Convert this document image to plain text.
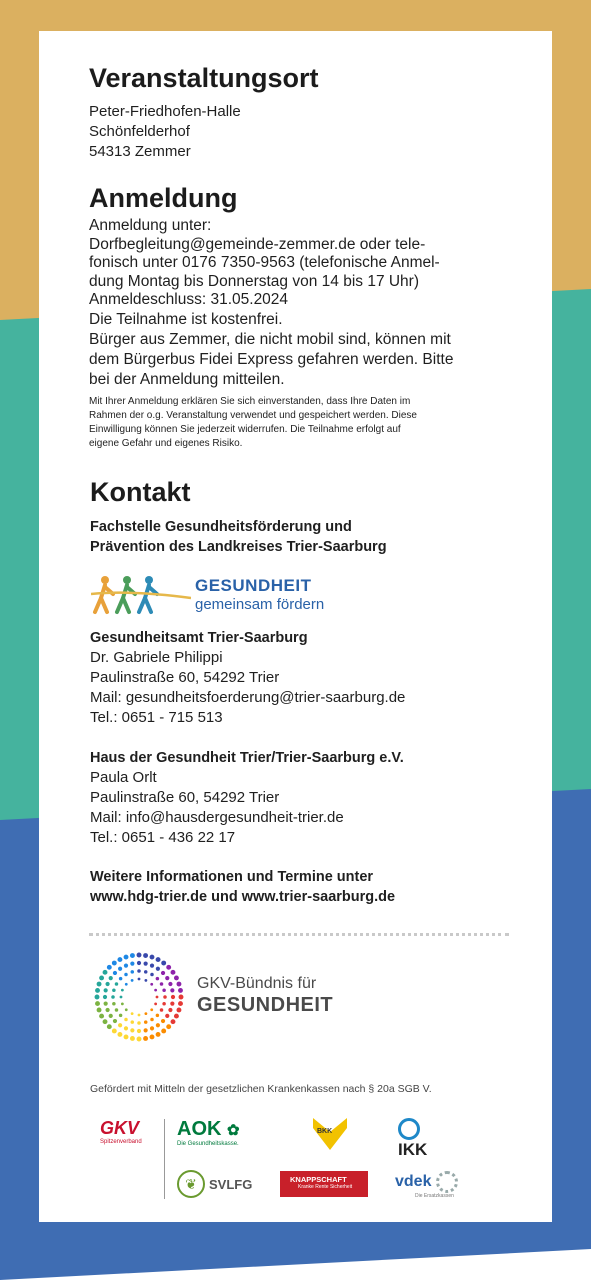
Veranstaltungsort
Peter-Friedhofen-Halle
Schönfelderhof
54313 Zemmer
Anmeldung
Anmeldung unter:
Dorfbegleitung@gemeinde-zemmer.de oder tele-
fonisch unter 0176 7350-9563 (telefonische Anmel-
dung Montag bis Donnerstag von 14 bis 17 Uhr)
Anmeldeschluss: 31.05.2024
Die Teilnahme ist kostenfrei.
Bürger aus Zemmer, die nicht mobil sind, können mit
dem Bürgerbus Fidei Express gefahren werden. Bitte
bei der Anmeldung mitteilen.
Mit Ihrer Anmeldung erklären Sie sich einverstanden, dass Ihre Daten im
Rahmen der o.g. Veranstaltung verwendet und gespeichert werden. Diese
Einwilligung können Sie jederzeit widerrufen. Die Teilnahme erfolgt auf
eigene Gefahr und eigenes Risiko.
Kontakt
Fachstelle Gesundheitsförderung und
Prävention des Landkreises Trier-Saarburg
GESUNDHEIT
gemeinsam fördern
Gesundheitsamt Trier-Saarburg
Dr. Gabriele Philippi
Paulinstraße 60, 54292 Trier
Mail: gesundheitsfoerderung@trier-saarburg.de
Tel.: 0651 - 715 513
Haus der Gesundheit Trier/Trier-Saarburg e.V.
Paula Orlt
Paulinstraße 60, 54292 Trier
Mail: info@hausdergesundheit-trier.de
Tel.: 0651 - 436 22 17
Weitere Informationen und Termine unter
www.hdg-trier.de und www.trier-saarburg.de
GKV-Bündnis für
GESUNDHEIT
Gefördert mit Mitteln der gesetzlichen Krankenkassen nach § 20a SGB V.
GKV
Spitzenverband
AOK ✿
Die Gesundheitskasse.
BKK
IKK
❦ SVLFG	KNAPPSCHAFT
Kranke Rente Sicherheit	vdek
Die Ersatzkassen
